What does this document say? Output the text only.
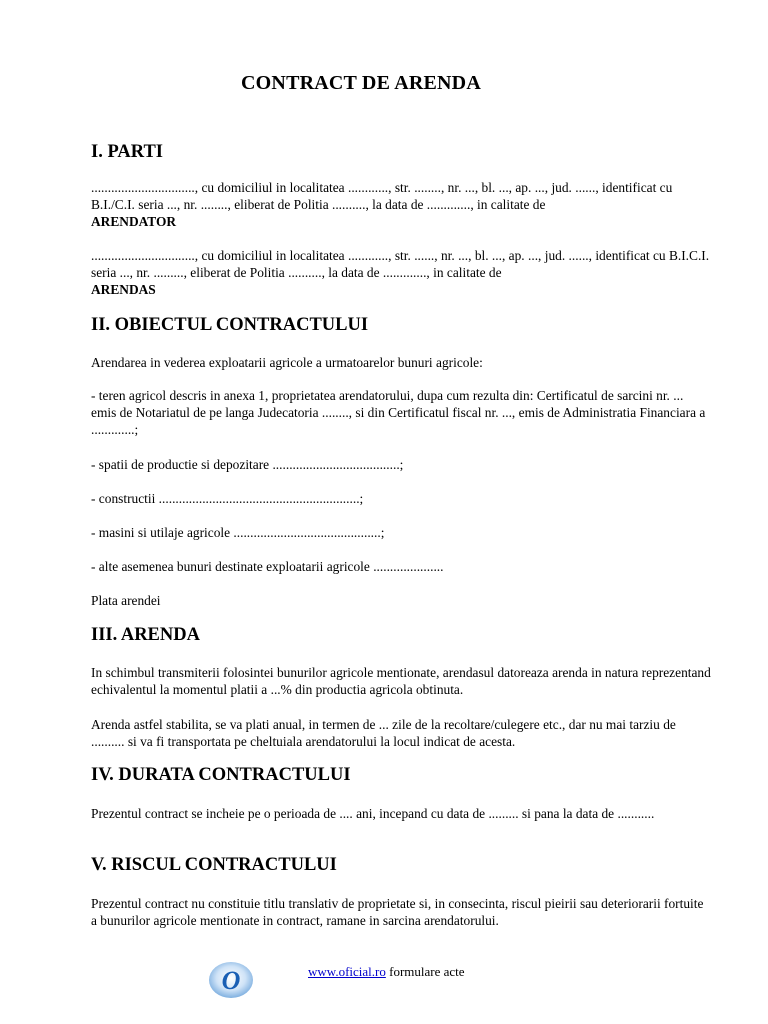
CONTRACT DE ARENDA
I. PARTI

..............................., cu domiciliul in localitatea ............, str. ........, nr. ..., bl. ..., ap. ..., jud. ......, identificat cu B.I./C.I. seria ..., nr. ........, eliberat de Politia .........., la data de ............., in calitate de
ARENDATOR

..............................., cu domiciliul in localitatea ............, str. ......, nr. ..., bl. ..., ap. ..., jud. ......, identificat cu B.I.C.I. seria ..., nr. ........., eliberat de Politia .........., la data de ............., in calitate de
ARENDAS

II. OBIECTUL CONTRACTULUI

Arendarea in vederea exploatarii agricole a urmatoarelor bunuri agricole:

- teren agricol descris in anexa 1, proprietatea arendatorului, dupa cum rezulta din: Certificatul de sarcini nr. ... emis de Notariatul de pe langa Judecatoria ........, si din Certificatul fiscal nr. ..., emis de Administratia Financiara a .............;

- spatii de productie si depozitare ......................................;

- constructii ............................................................;

- masini si utilaje agricole ............................................;

- alte asemenea bunuri destinate exploatarii agricole .....................

Plata arendei

III. ARENDA

In schimbul transmiterii folosintei bunurilor agricole mentionate, arendasul datoreaza arenda in natura reprezentand echivalentul la momentul platii a ...% din productia agricola obtinuta.

Arenda astfel stabilita, se va plati anual, in termen de ... zile de la recoltare/culegere etc., dar nu mai tarziu de .......... si va fi transportata pe cheltuiala arendatorului la locul indicat de acesta.

IV. DURATA CONTRACTULUI

Prezentul contract se incheie pe o perioada de .... ani, incepand cu data de ......... si pana la data de ...........

V. RISCUL CONTRACTULUI

Prezentul contract nu constituie titlu translativ de proprietate si, in consecinta, riscul pieirii sau deteriorarii fortuite a bunurilor agricole mentionate in contract, ramane in sarcina arendatorului.

O	www.oficial.ro formulare acte
